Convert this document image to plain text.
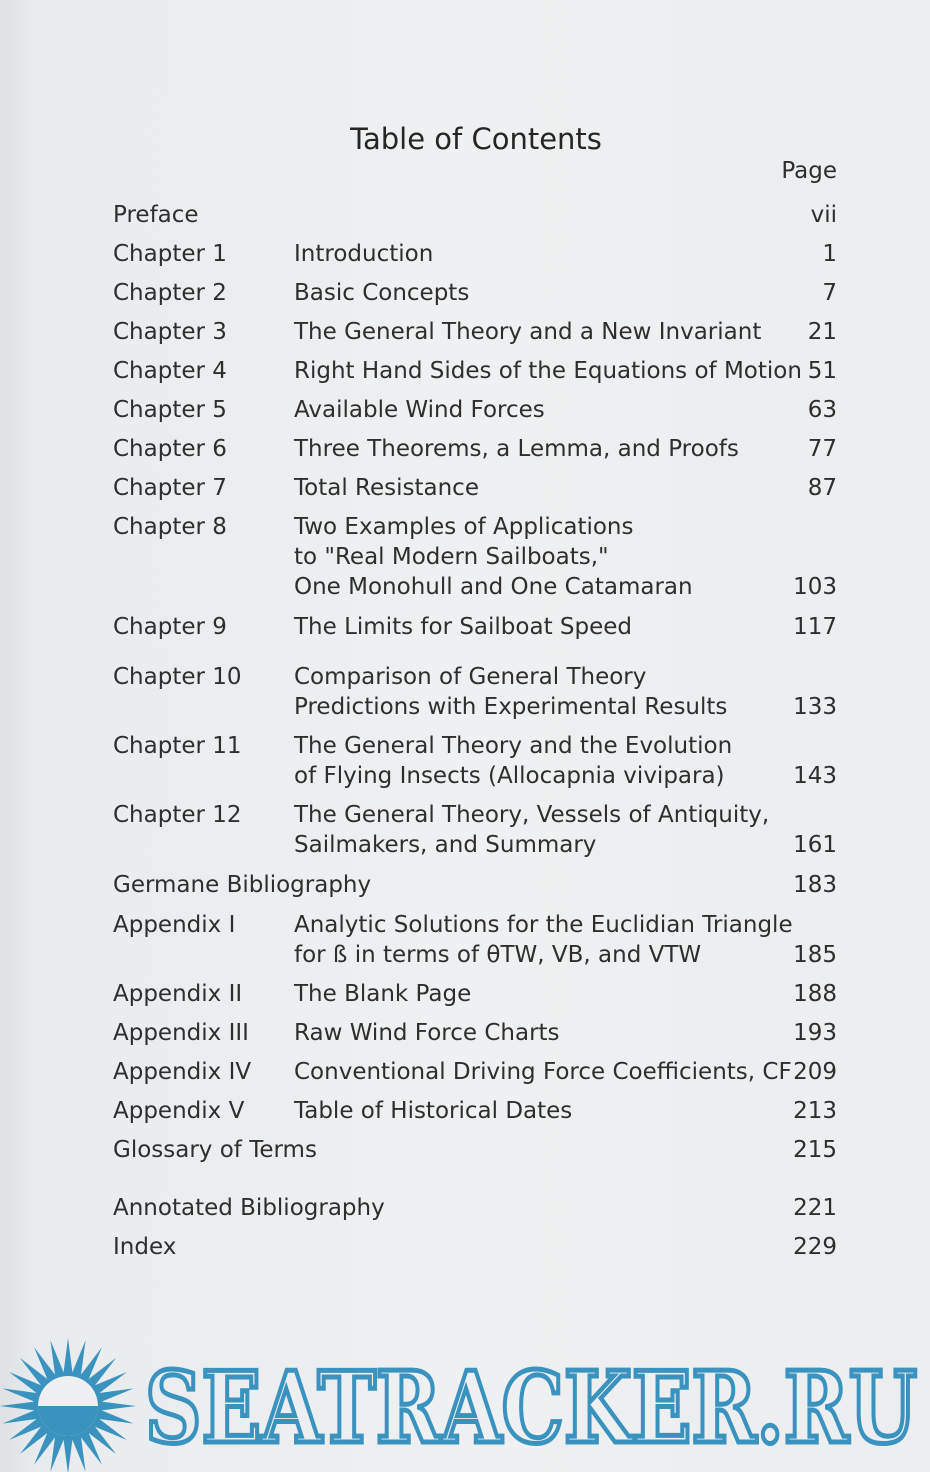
Table of Contents
Page
Preface	vii
Chapter 1	Introduction	1
Chapter 2	Basic Concepts	7
Chapter 3	The General Theory and a New Invariant 21
Chapter 4	Right Hand Sides of the Equations of Motion 51
Chapter 5	Available Wind Forces	63
Chapter 6	Three Theorems, a Lemma, and Proofs	77
Chapter 7	Total Resistance	87
Chapter 8	Two Examples of Applications
to "Real Modern Sailboats,"
One Monohull and One Catamaran	103
Chapter 9	The Limits for Sailboat Speed	117
Chapter 10 Comparison of General Theory
Predictions with Experimental Results	133
Chapter 11 The General Theory and the Evolution
of Flying Insects (Allocapnia vivipara)	143
Chapter 12 The General Theory, Vessels of Antiquity,
Sailmakers, and Summary	161
Germane Bibliography	183
Appendix I	Analytic Solutions for the Euclidian Triangle
for ß in terms of θTW, VB, and VTW	185
Appendix II The Blank Page	188
Appendix III Raw Wind Force Charts	193
Appendix IV Conventional Driving Force Coefficients, CF 209
Appendix V Table of Historical Dates	213
Glossary of Terms	215
Annotated Bibliography	221
Index	229
SEATRACKER.RU
